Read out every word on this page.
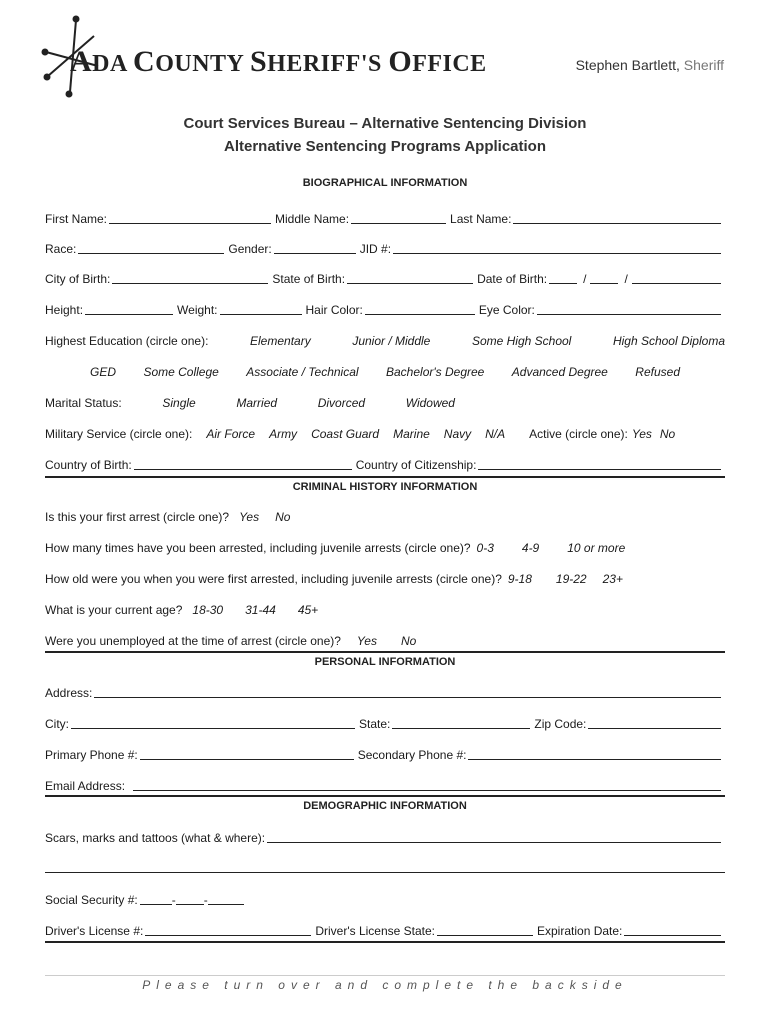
ADA COUNTY SHERIFF'S OFFICE	Stephen Bartlett, Sheriff
Court Services Bureau – Alternative Sentencing Division
Alternative Sentencing Programs Application
BIOGRAPHICAL INFORMATION
First Name:	Middle Name:	Last Name:
Race:	Gender:	JID #:
City of Birth:	State of Birth:	Date of Birth:	/	/
Height:	Weight:	Hair Color:	Eye Color:
Highest Education (circle one):	Elementary	Junior / Middle	Some High School	High School Diploma
GED Some College Associate / Technical Bachelor's Degree Advanced Degree Refused
Marital Status:	Single	Married	Divorced	Widowed
Military Service (circle one): Air Force Army Coast Guard Marine Navy N/A Active (circle one): Yes No
Country of Birth:	Country of Citizenship:
CRIMINAL HISTORY INFORMATION
Is this your first arrest (circle one)? Yes No
How many times have you been arrested, including juvenile arrests (circle one)? 0-3 4-9 10 or more
How old were you when you were first arrested, including juvenile arrests (circle one)? 9-18 19-22 23+
What is your current age? 18-30 31-44 45+
Were you unemployed at the time of arrest (circle one)? Yes No
PERSONAL INFORMATION
Address:
City:	State:	Zip Code:
Primary Phone #:	Secondary Phone #:
Email Address:
DEMOGRAPHIC INFORMATION
Scars, marks and tattoos (what & where):
Social Security #:	- -
Driver's License #:	Driver's License State:	Expiration Date:
Please turn over and complete the backside
